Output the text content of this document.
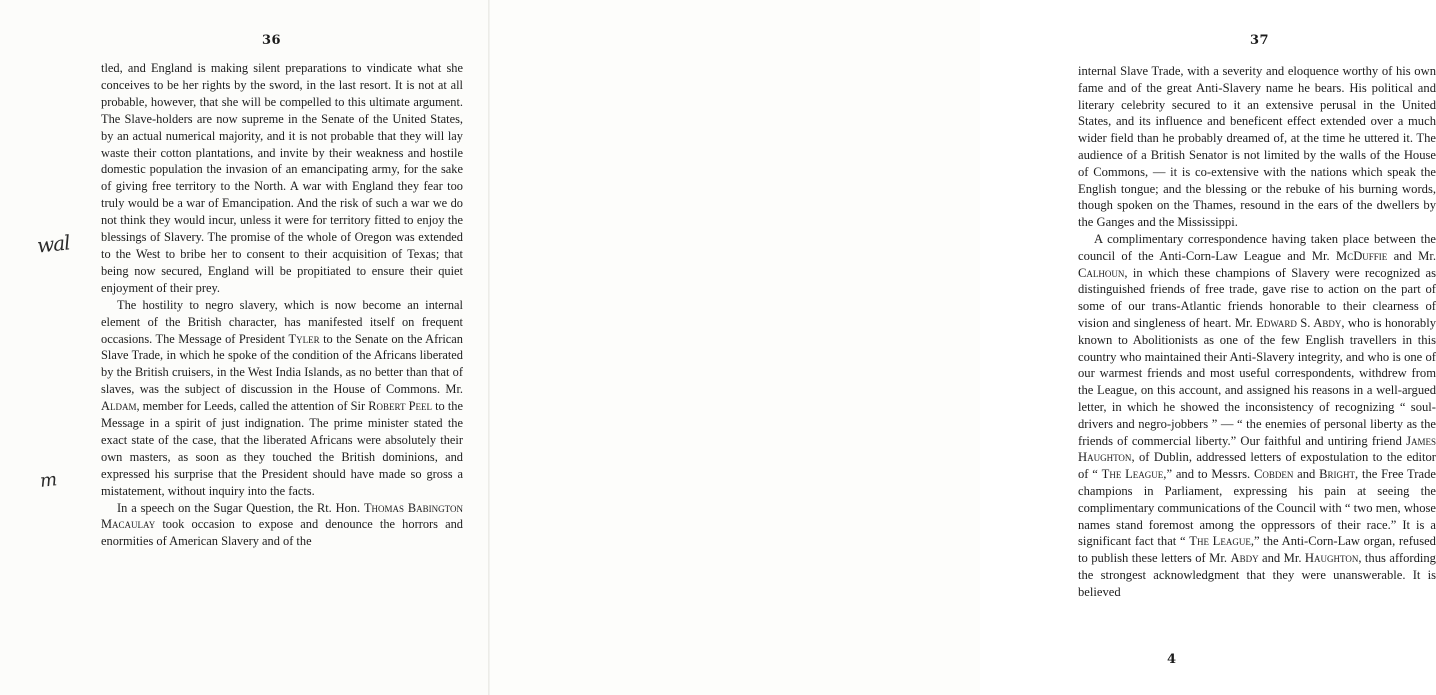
36
wal
m

tled, and England is making silent preparations to vindicate what she conceives to be her rights by the sword, in the last resort. It is not at all probable, however, that she will be compelled to this ultimate argument. The Slave-holders are now supreme in the Senate of the United States, by an actual numerical majority, and it is not probable that they will lay waste their cotton plantations, and invite by their weakness and hostile domestic population the invasion of an emancipating army, for the sake of giving free territory to the North. A war with England they fear too truly would be a war of Emancipation. And the risk of such a war we do not think they would incur, unless it were for territory fitted to enjoy the blessings of Slavery. The promise of the whole of Oregon was extended to the West to bribe her to consent to their acquisition of Texas; that being now secured, England will be propitiated to ensure their quiet enjoyment of their prey.

The hostility to negro slavery, which is now become an internal element of the British character, has manifested itself on frequent occasions. The Message of President Tyler to the Senate on the African Slave Trade, in which he spoke of the condition of the Africans liberated by the British cruisers, in the West India Islands, as no better than that of slaves, was the subject of discussion in the House of Commons. Mr. Aldam, member for Leeds, called the attention of Sir Robert Peel to the Message in a spirit of just indignation. The prime minister stated the exact state of the case, that the liberated Africans were absolutely their own masters, as soon as they touched the British dominions, and expressed his surprise that the President should have made so gross a mistatement, without inquiry into the facts.

In a speech on the Sugar Question, the Rt. Hon. Thomas Babington Macaulay took occasion to expose and denounce the horrors and enormities of American Slavery and of the

37

internal Slave Trade, with a severity and eloquence worthy of his own fame and of the great Anti-Slavery name he bears. His political and literary celebrity secured to it an extensive perusal in the United States, and its influence and beneficent effect extended over a much wider field than he probably dreamed of, at the time he uttered it. The audience of a British Senator is not limited by the walls of the House of Commons, — it is co-extensive with the nations which speak the English tongue; and the blessing or the rebuke of his burning words, though spoken on the Thames, resound in the ears of the dwellers by the Ganges and the Mississippi.

A complimentary correspondence having taken place between the council of the Anti-Corn-Law League and Mr. McDuffie and Mr. Calhoun, in which these champions of Slavery were recognized as distinguished friends of free trade, gave rise to action on the part of some of our trans-Atlantic friends honorable to their clearness of vision and singleness of heart. Mr. Edward S. Abdy, who is honorably known to Abolitionists as one of the few English travellers in this country who maintained their Anti-Slavery integrity, and who is one of our warmest friends and most useful correspondents, withdrew from the League, on this account, and assigned his reasons in a well-argued letter, in which he showed the inconsistency of recognizing “ soul-drivers and negro-jobbers ” — “ the enemies of personal liberty as the friends of commercial liberty.” Our faithful and untiring friend James Haughton, of Dublin, addressed letters of expostulation to the editor of “ The League,” and to Messrs. Cobden and Bright, the Free Trade champions in Parliament, expressing his pain at seeing the complimentary communications of the Council with “ two men, whose names stand foremost among the oppressors of their race.” It is a significant fact that “ The League,” the Anti-Corn-Law organ, refused to publish these letters of Mr. Abdy and Mr. Haughton, thus affording the strongest acknowledgment that they were unanswerable. It is believed

4
